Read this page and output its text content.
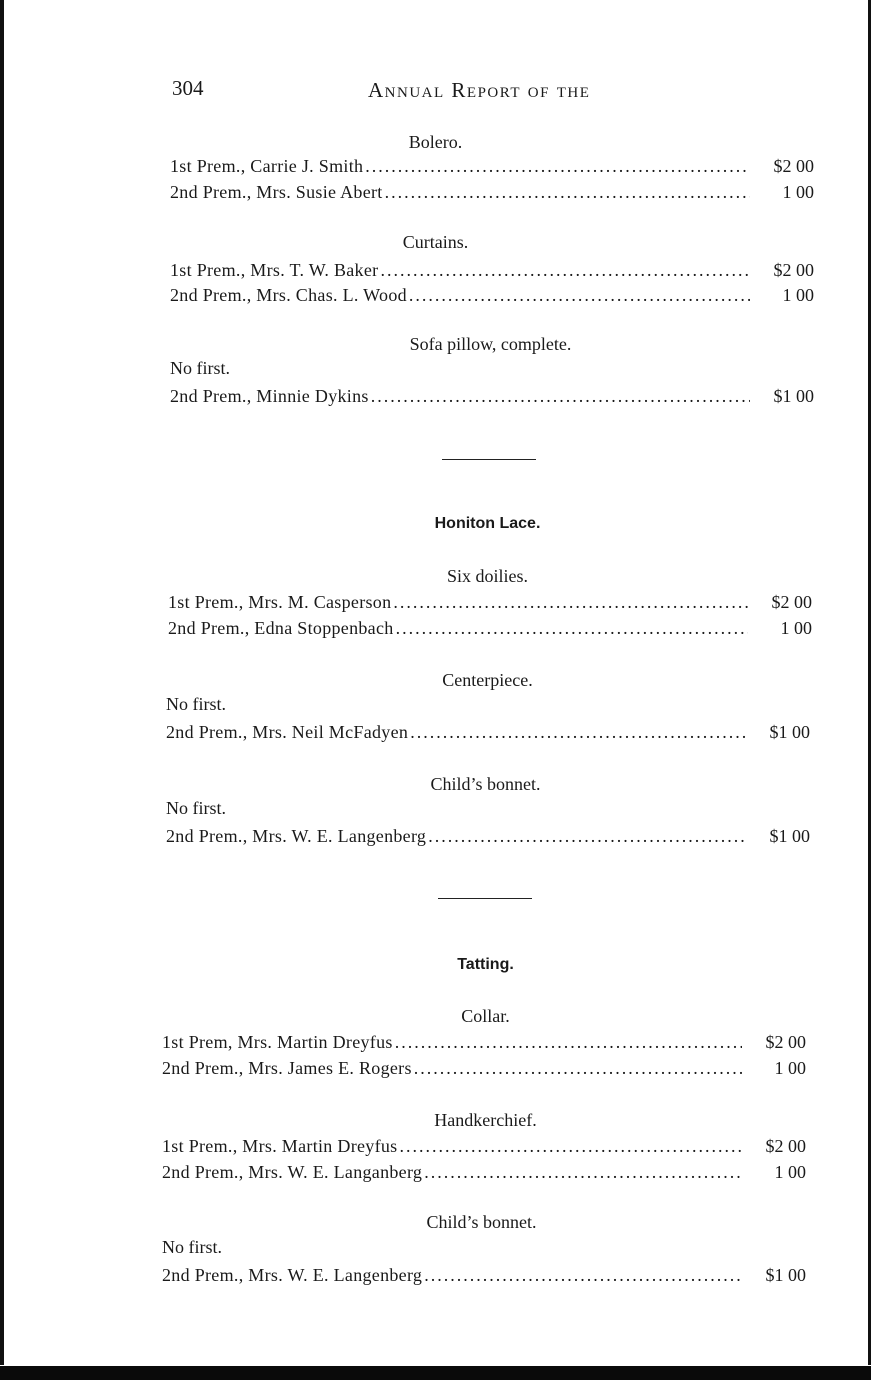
304	Annual Report of the
Bolero.
1st Prem., Carrie J. Smith .....	$2 00
2nd Prem., Mrs. Susie Abert .....	1 00
Curtains.
1st Prem., Mrs. T. W. Baker .....	$2 00
2nd Prem., Mrs. Chas. L. Wood .....	1 00
Sofa pillow, complete.
No first.
2nd Prem., Minnie Dykins .....	$1 00
Honiton Lace.
Six doilies.
1st Prem., Mrs. M. Casperson .....	$2 00
2nd Prem., Edna Stoppenbach .....	1 00
Centerpiece.
No first.
2nd Prem., Mrs. Neil McFadyen .....	$1 00
Child’s bonnet.
No first.
2nd Prem., Mrs. W. E. Langenberg .....	$1 00
Tatting.
Collar.
1st Prem, Mrs. Martin Dreyfus .....	$2 00
2nd Prem., Mrs. James E. Rogers .....	1 00
Handkerchief.
1st Prem., Mrs. Martin Dreyfus .....	$2 00
2nd Prem., Mrs. W. E. Langanberg .....	1 00
Child’s bonnet.
No first.
2nd Prem., Mrs. W. E. Langenberg .....	$1 00
